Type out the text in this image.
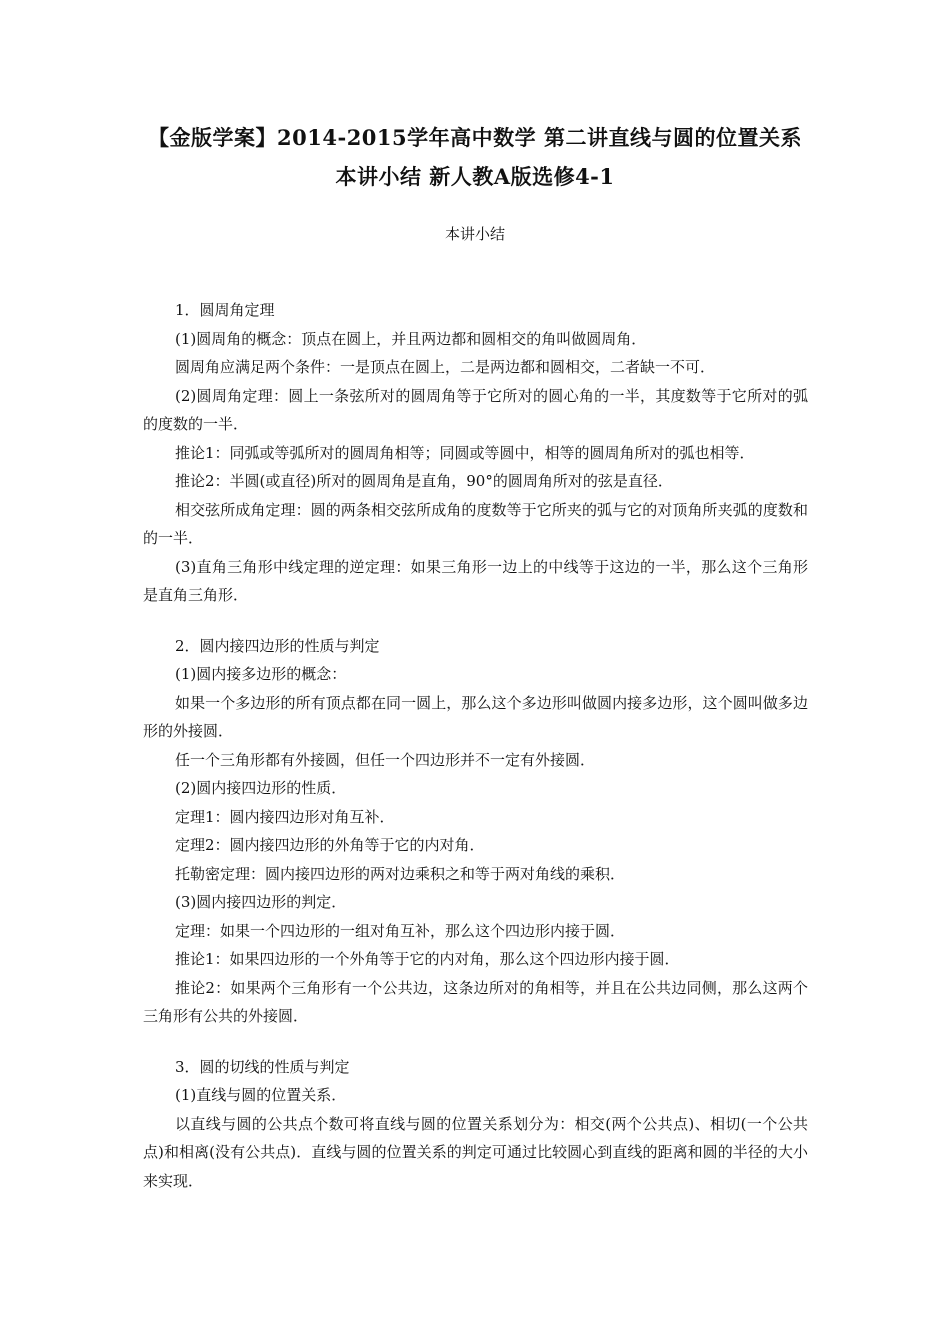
【金版学案】2014-2015学年高中数学 第二讲直线与圆的位置关系
本讲小结 新人教A版选修4-1
本讲小结

1．圆周角定理

(1)圆周角的概念：顶点在圆上，并且两边都和圆相交的角叫做圆周角．

圆周角应满足两个条件：一是顶点在圆上，二是两边都和圆相交，二者缺一不可．

(2)圆周角定理：圆上一条弦所对的圆周角等于它所对的圆心角的一半，其度数等于它所对的弧的度数的一半．

推论1：同弧或等弧所对的圆周角相等；同圆或等圆中，相等的圆周角所对的弧也相等．

推论2：半圆(或直径)所对的圆周角是直角，90°的圆周角所对的弦是直径．

相交弦所成角定理：圆的两条相交弦所成角的度数等于它所夹的弧与它的对顶角所夹弧的度数和的一半．

(3)直角三角形中线定理的逆定理：如果三角形一边上的中线等于这边的一半，那么这个三角形是直角三角形．

2．圆内接四边形的性质与判定

(1)圆内接多边形的概念：

如果一个多边形的所有顶点都在同一圆上，那么这个多边形叫做圆内接多边形，这个圆叫做多边形的外接圆．

任一个三角形都有外接圆，但任一个四边形并不一定有外接圆．

(2)圆内接四边形的性质．

定理1：圆内接四边形对角互补．

定理2：圆内接四边形的外角等于它的内对角．

托勒密定理：圆内接四边形的两对边乘积之和等于两对角线的乘积．

(3)圆内接四边形的判定．

定理：如果一个四边形的一组对角互补，那么这个四边形内接于圆．

推论1：如果四边形的一个外角等于它的内对角，那么这个四边形内接于圆．

推论2：如果两个三角形有一个公共边，这条边所对的角相等，并且在公共边同侧，那么这两个三角形有公共的外接圆．

3．圆的切线的性质与判定

(1)直线与圆的位置关系．

以直线与圆的公共点个数可将直线与圆的位置关系划分为：相交(两个公共点)、相切(一个公共点)和相离(没有公共点)．直线与圆的位置关系的判定可通过比较圆心到直线的距离和圆的半径的大小来实现．
